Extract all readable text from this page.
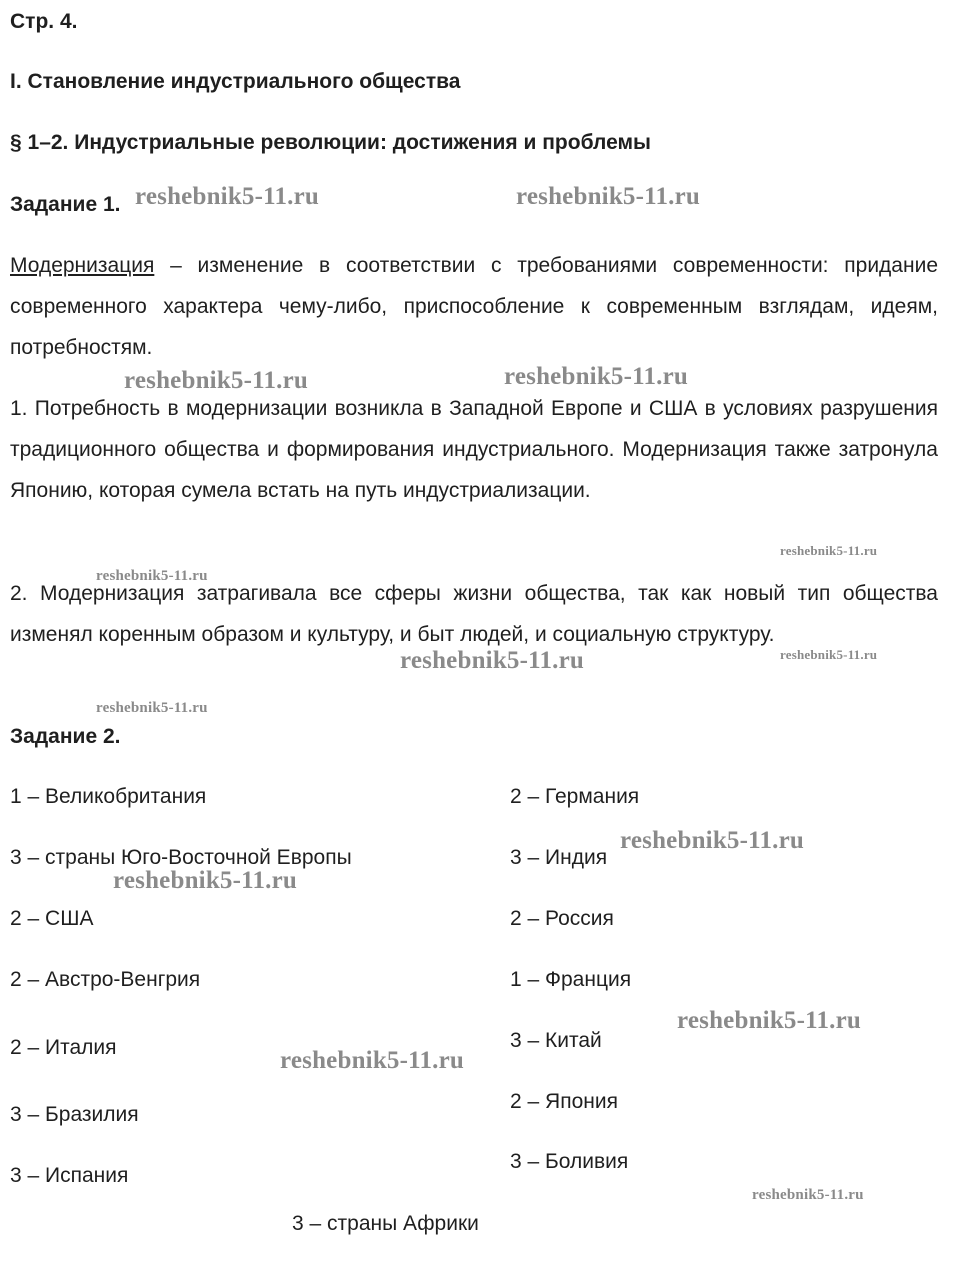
Стр. 4.
I. Становление индустриального общества
§ 1–2. Индустриальные революции: достижения и проблемы
Задание 1.
Модернизация – изменение в соответствии с требованиями современности: придание современного характера чему-либо, приспособление к современным взглядам, идеям, потребностям.
1. Потребность в модернизации возникла в Западной Европе и США в условиях разрушения традиционного общества и формирования индустриального. Модернизация также затронула Японию, которая сумела встать на путь индустриализации.
2. Модернизация затрагивала все сферы жизни общества, так как новый тип общества изменял коренным образом и культуру, и быт людей, и социальную структуру.
Задание 2.
1 – Великобритания
3 – страны Юго-Восточной Европы
2 – США
2 – Австро-Венгрия
2 – Италия
3 – Бразилия
3 – Испания
2 – Германия
3 – Индия
2 – Россия
1 – Франция
3 – Китай
2 – Япония
3 – Боливия
3 – страны Африки
reshebnik5-11.ru	reshebnik5-11.ru
reshebnik5-11.ru	reshebnik5-11.ru
reshebnik5-11.ru
reshebnik5-11.ru
reshebnik5-11.ru	reshebnik5-11.ru
reshebnik5-11.ru
reshebnik5-11.ru
reshebnik5-11.ru
reshebnik5-11.ru
reshebnik5-11.ru
reshebnik5-11.ru
